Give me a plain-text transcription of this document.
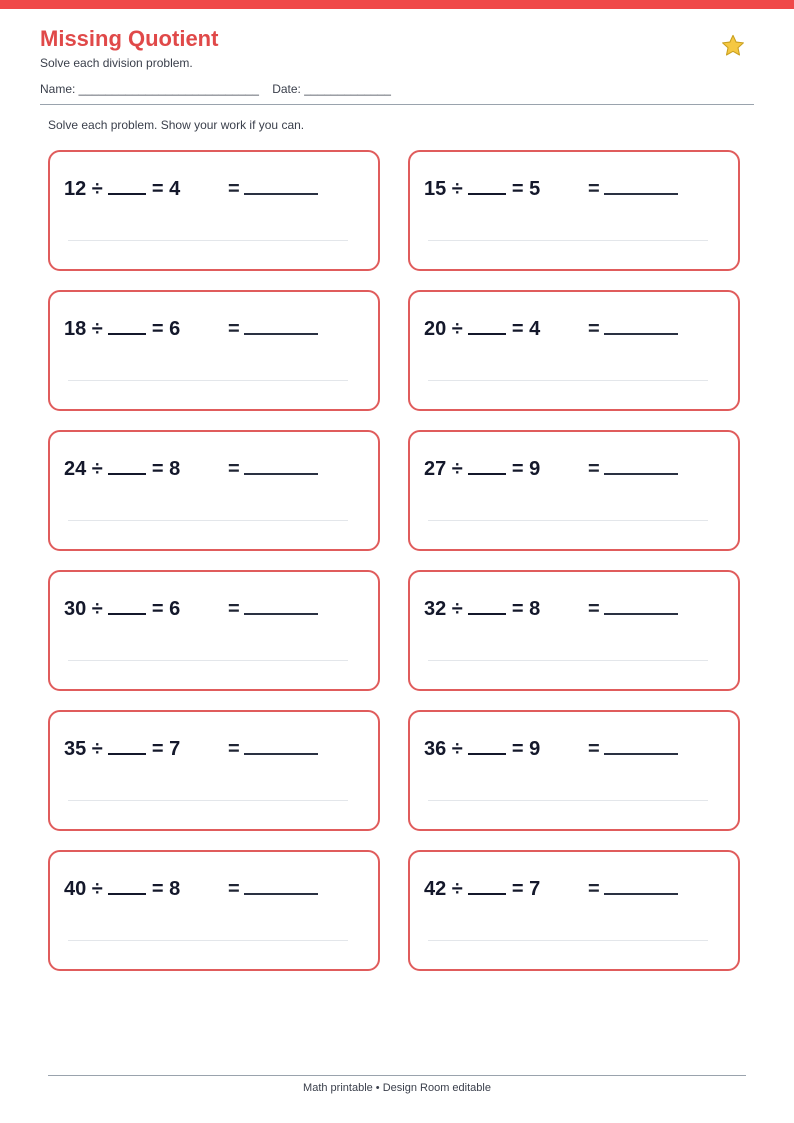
Missing Quotient
Solve each division problem.
Name: ___________________________    Date: _____________
Solve each problem. Show your work if you can.
12 ÷  = 4 =	15 ÷  = 5 =
18 ÷  = 6 =	20 ÷  = 4 =
24 ÷  = 8 =	27 ÷  = 9 =
30 ÷  = 6 =	32 ÷  = 8 =
35 ÷  = 7 =	36 ÷  = 9 =
40 ÷  = 8 =	42 ÷  = 7 =
Math printable • Design Room editable
